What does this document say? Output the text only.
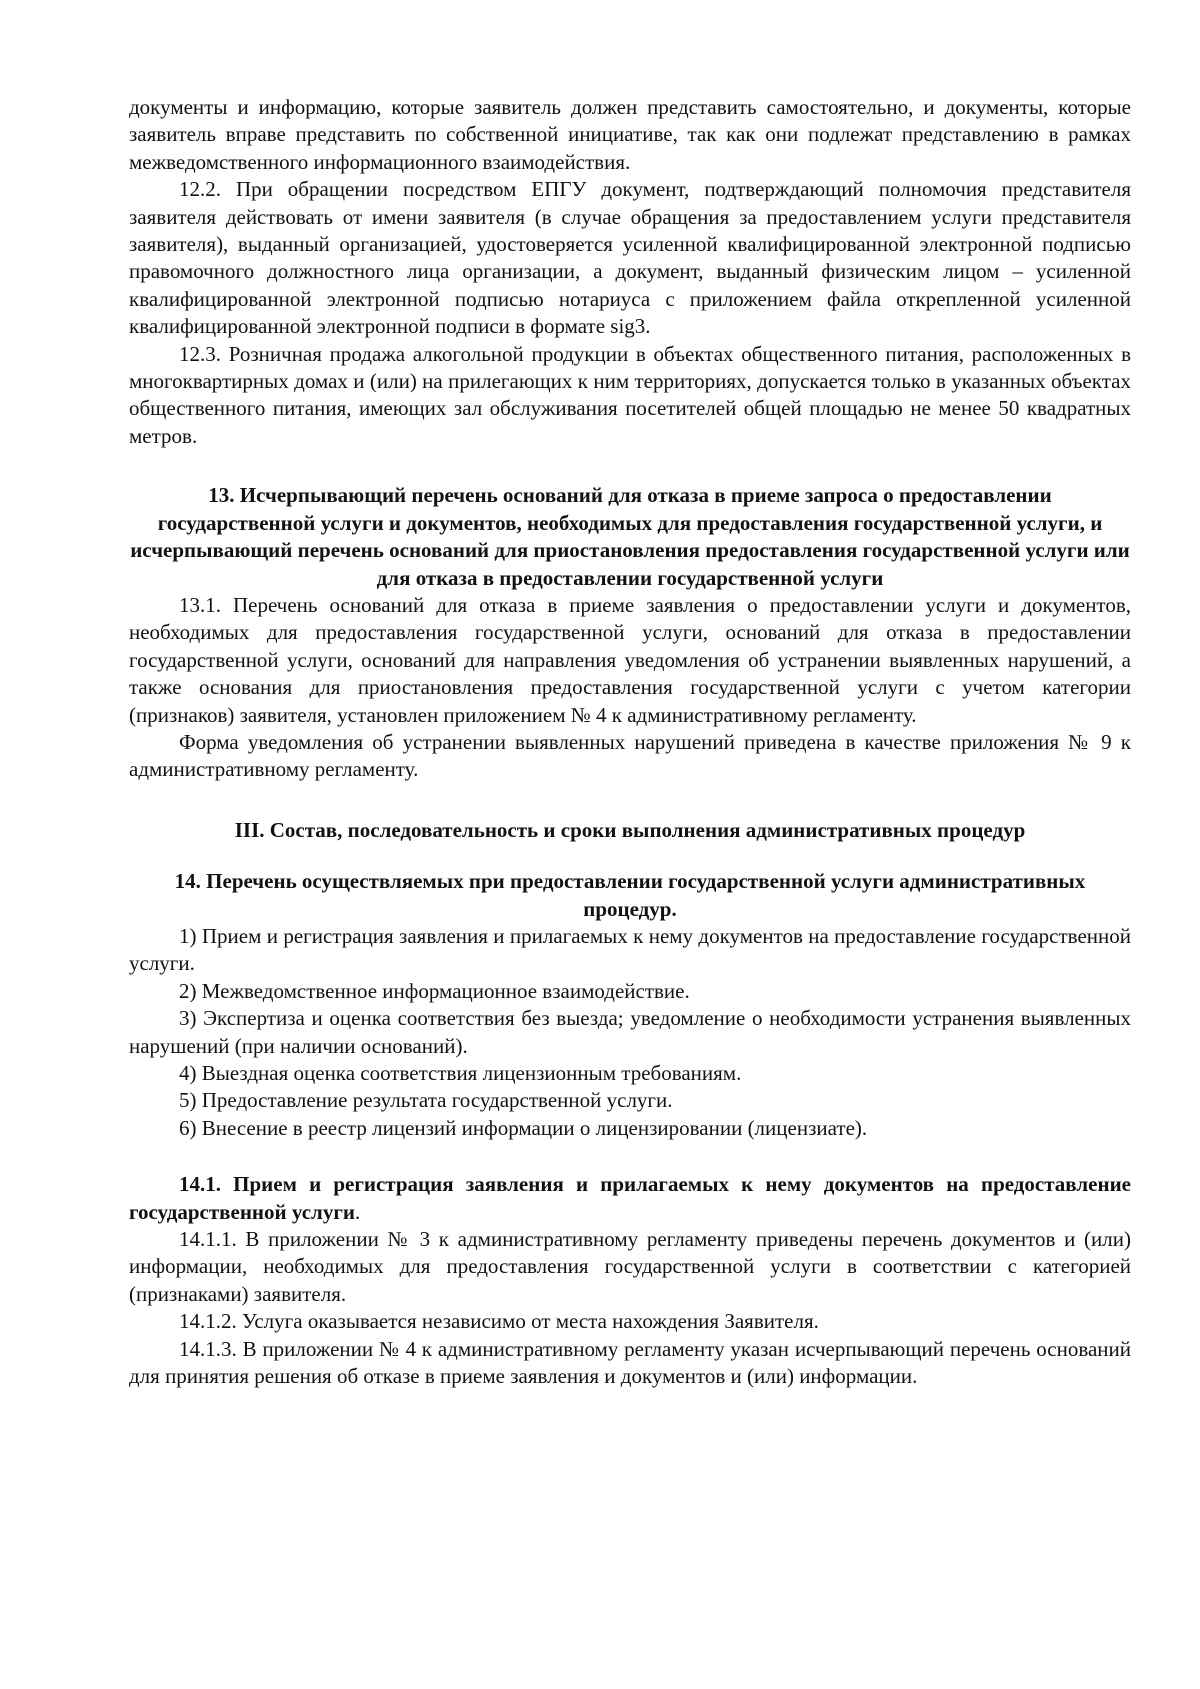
документы и информацию, которые заявитель должен представить самостоятельно, и документы, которые заявитель вправе представить по собственной инициативе, так как они подлежат представлению в рамках межведомственного информационного взаимодействия.

12.2. При обращении посредством ЕПГУ документ, подтверждающий полномочия представителя заявителя действовать от имени заявителя (в случае обращения за предоставлением услуги представителя заявителя), выданный организацией, удостоверяется усиленной квалифицированной электронной подписью правомочного должностного лица организации, а документ, выданный физическим лицом – усиленной квалифицированной электронной подписью нотариуса с приложением файла открепленной усиленной квалифицированной электронной подписи в формате sig3.

12.3. Розничная продажа алкогольной продукции в объектах общественного питания, расположенных в многоквартирных домах и (или) на прилегающих к ним территориях, допускается только в указанных объектах общественного питания, имеющих зал обслуживания посетителей общей площадью не менее 50 квадратных метров.

13. Исчерпывающий перечень оснований для отказа в приеме запроса о предоставлении государственной услуги и документов, необходимых для предоставления государственной услуги, и исчерпывающий перечень оснований для приостановления предоставления государственной услуги или для отказа в предоставлении государственной услуги

13.1. Перечень оснований для отказа в приеме заявления о предоставлении услуги и документов, необходимых для предоставления государственной услуги, оснований для отказа в предоставлении государственной услуги, оснований для направления уведомления об устранении выявленных нарушений, а также основания для приостановления предоставления государственной услуги с учетом категории (признаков) заявителя, установлен приложением № 4 к административному регламенту.

Форма уведомления об устранении выявленных нарушений приведена в качестве приложения № 9 к административному регламенту.

III. Состав, последовательность и сроки выполнения административных процедур

14. Перечень осуществляемых при предоставлении государственной услуги административных процедур.

1) Прием и регистрация заявления и прилагаемых к нему документов на предоставление государственной услуги.

2) Межведомственное информационное взаимодействие.

3) Экспертиза и оценка соответствия без выезда; уведомление о необходимости устранения выявленных нарушений (при наличии оснований).

4) Выездная оценка соответствия лицензионным требованиям.

5) Предоставление результата государственной услуги.

6) Внесение в реестр лицензий информации о лицензировании (лицензиате).

14.1. Прием и регистрация заявления и прилагаемых к нему документов на предоставление государственной услуги.

14.1.1. В приложении № 3 к административному регламенту приведены перечень документов и (или) информации, необходимых для предоставления государственной услуги в соответствии с категорией (признаками) заявителя.

14.1.2. Услуга оказывается независимо от места нахождения Заявителя.

14.1.3. В приложении № 4 к административному регламенту указан исчерпывающий перечень оснований для принятия решения об отказе в приеме заявления и документов и (или) информации.
